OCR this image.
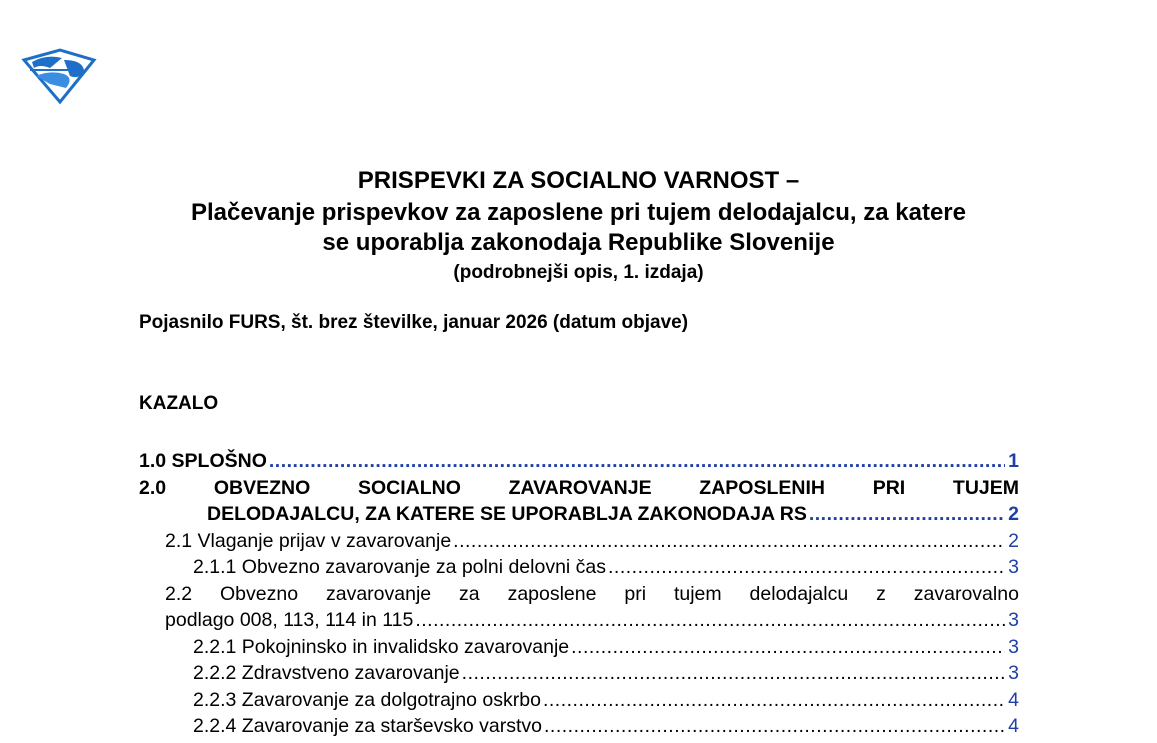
PRISPEVKI ZA SOCIALNO VARNOST –
Plačevanje prispevkov za zaposlene pri tujem delodajalcu, za katere
se uporablja zakonodaja Republike Slovenije
(podrobnejši opis, 1. izdaja)
Pojasnilo FURS, št. brez številke, januar 2026 (datum objave)
KAZALO
1.0 SPLOŠNO .....	1
2.0 OBVEZNO SOCIALNO ZAVAROVANJE ZAPOSLENIH PRI TUJEM
DELODAJALCU, ZA KATERE SE UPORABLJA ZAKONODAJA RS .....	2
2.1 Vlaganje prijav v zavarovanje .....	2
2.1.1 Obvezno zavarovanje za polni delovni čas .....	3
2.2 Obvezno zavarovanje za zaposlene pri tujem delodajalcu z zavarovalno
podlago 008, 113, 114 in 115 .....	3
2.2.1 Pokojninsko in invalidsko zavarovanje .....	3
2.2.2 Zdravstveno zavarovanje .....	3
2.2.3 Zavarovanje za dolgotrajno oskrbo .....	4
2.2.4 Zavarovanje za starševsko varstvo .....	4
